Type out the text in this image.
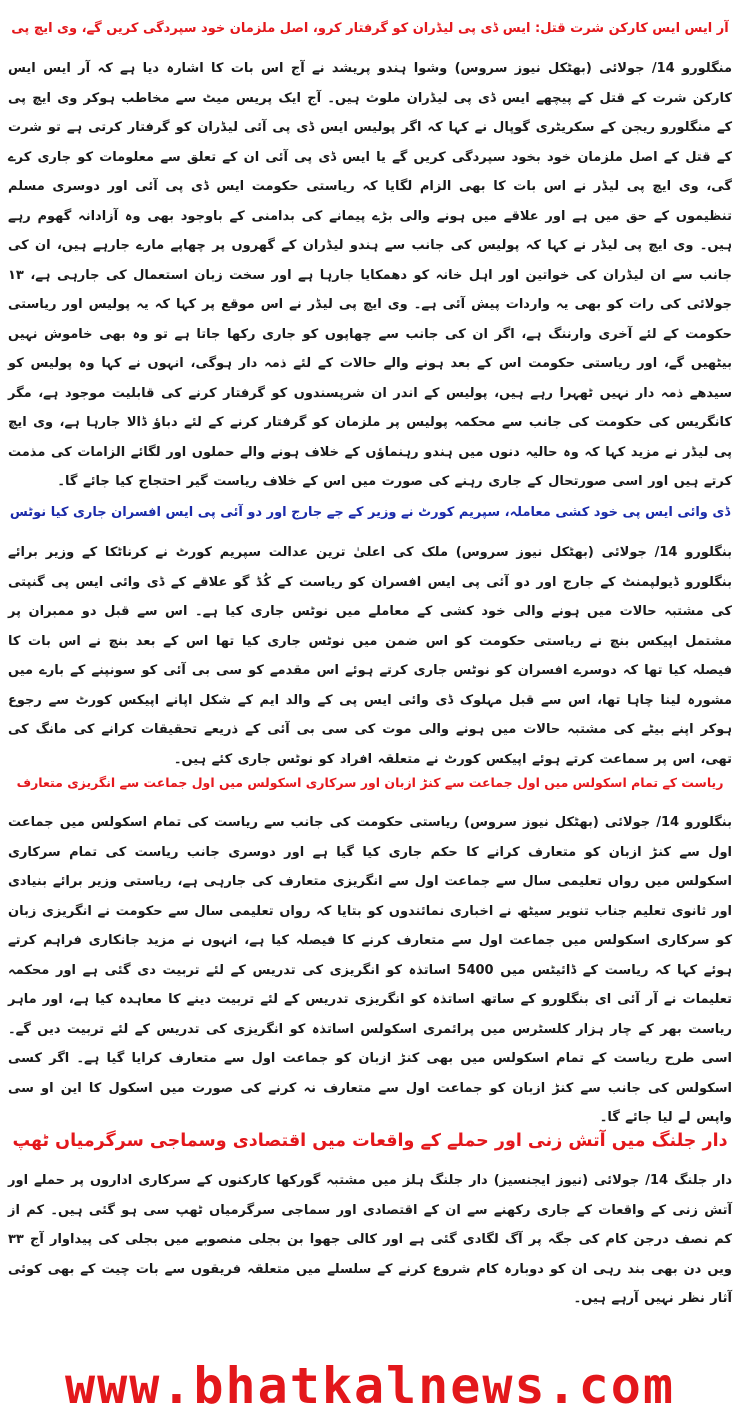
آر ایس ایس کارکن شرت قتل: ایس ڈی پی لیڈران کو گرفتار کرو، اصل ملزمان خود سپردگی کریں گے، وی ایچ پی

منگلورو 14/ جولائی (بھٹکل نیوز سروس) وشوا ہندو پریشد نے آج اس بات کا اشارہ دیا ہے کہ آر ایس ایس کارکن شرت کے قتل کے پیچھے ایس ڈی پی لیڈران ملوث ہیں۔ آج ایک پریس میٹ سے مخاطب ہوکر وی ایچ پی کے منگلورو ریجن کے سکریٹری گوپال نے کہا کہ اگر پولیس ایس ڈی پی آئی لیڈران کو گرفتار کرتی ہے تو شرت کے قتل کے اصل ملزمان خود بخود سپردگی کریں گے یا ایس ڈی پی آئی ان کے تعلق سے معلومات کو جاری کرے گی، وی ایچ پی لیڈر نے اس بات کا بھی الزام لگایا کہ ریاستی حکومت ایس ڈی پی آئی اور دوسری مسلم تنظیموں کے حق میں ہے اور علاقے میں ہونے والی بڑے پیمانے کی بدامنی کے باوجود بھی وہ آزادانہ گھوم رہے ہیں۔ وی ایچ پی لیڈر نے کہا کہ پولیس کی جانب سے ہندو لیڈران کے گھروں پر چھاپے مارے جارہے ہیں، ان کی جانب سے ان لیڈران کی خواتین اور اہل خانہ کو دھمکایا جارہا ہے اور سخت زبان استعمال کی جارہی ہے، ۱۳ جولائی کی رات کو بھی یہ واردات پیش آئی ہے۔ وی ایچ پی لیڈر نے اس موقع پر کہا کہ یہ پولیس اور ریاستی حکومت کے لئے آخری وارننگ ہے، اگر ان کی جانب سے چھاپوں کو جاری رکھا جاتا ہے تو وہ بھی خاموش نہیں بیٹھیں گے، اور ریاستی حکومت اس کے بعد ہونے والے حالات کے لئے ذمہ دار ہوگی، انہوں نے کہا وہ پولیس کو سیدھے ذمہ دار نہیں ٹھہرا رہے ہیں، پولیس کے اندر ان شرپسندوں کو گرفتار کرنے کی قابلیت موجود ہے، مگر کانگریس کی حکومت کی جانب سے محکمہ پولیس پر ملزمان کو گرفتار کرنے کے لئے دباؤ ڈالا جارہا ہے، وی ایچ پی لیڈر نے مزید کہا کہ وہ حالیہ دنوں میں ہندو رہنماؤں کے خلاف ہونے والے حملوں اور لگائے الزامات کی مذمت کرتے ہیں اور اسی صورتحال کے جاری رہنے کی صورت میں اس کے خلاف ریاست گیر احتجاج کیا جائے گا۔

ڈی وائی ایس پی خود کشی معاملہ، سپریم کورٹ نے وزیر کے جے جارج اور دو آئی پی ایس افسران جاری کیا نوٹس

بنگلورو 14/ جولائی (بھٹکل نیوز سروس) ملک کی اعلیٰ ترین عدالت سپریم کورٹ نے کرناٹکا کے وزیر برائے بنگلورو ڈیولپمنٹ کے جارج اور دو آئی پی ایس افسران کو ریاست کے کُڈ گو علاقے کے ڈی وائی ایس پی گنپتی کی مشتبہ حالات میں ہونے والی خود کشی کے معاملے میں نوٹس جاری کیا ہے۔ اس سے قبل دو ممبران پر مشتمل اپیکس بنچ نے ریاستی حکومت کو اس ضمن میں نوٹس جاری کیا تھا اس کے بعد بنچ نے اس بات کا فیصلہ کیا تھا کہ دوسرے افسران کو نوٹس جاری کرتے ہوئے اس مقدمے کو سی بی آئی کو سونپنے کے بارے میں مشورہ لینا چاہا تھا، اس سے قبل مہلوک ڈی وائی ایس پی کے والد ایم کے شکل اپانے اپیکس کورٹ سے رجوع ہوکر اپنے بیٹے کی مشتبہ حالات میں ہونے والی موت کی سی بی آئی کے ذریعے تحقیقات کرانے کی مانگ کی تھی، اس پر سماعت کرتے ہوئے اپیکس کورٹ نے متعلقہ افراد کو نوٹس جاری کئے ہیں۔

ریاست کے تمام اسکولس میں اول جماعت سے کنڑ ازبان اور سرکاری اسکولس میں اول جماعت سے انگریزی متعارف

بنگلورو 14/ جولائی (بھٹکل نیوز سروس) ریاستی حکومت کی جانب سے ریاست کی تمام اسکولس میں جماعت اول سے کنڑ ازبان کو متعارف کرانے کا حکم جاری کیا گیا ہے اور دوسری جانب ریاست کی تمام سرکاری اسکولس میں رواں تعلیمی سال سے جماعت اول سے انگریزی متعارف کی جارہی ہے، ریاستی وزیر برائے بنیادی اور ثانوی تعلیم جناب تنویر سیٹھ نے اخباری نمائندوں کو بتایا کہ رواں تعلیمی سال سے حکومت نے انگریزی زبان کو سرکاری اسکولس میں جماعت اول سے متعارف کرنے کا فیصلہ کیا ہے، انہوں نے مزید جانکاری فراہم کرتے ہوئے کہا کہ ریاست کے ڈائیٹس میں 5400 اساتذہ کو انگریزی کی تدریس کے لئے تربیت دی گئی ہے اور محکمہ تعلیمات نے آر آئی ای بنگلورو کے ساتھ اساتذہ کو انگریزی تدریس کے لئے تربیت دینے کا معاہدہ کیا ہے، اور ماہر ریاست بھر کے چار ہزار کلسٹرس میں پرائمری اسکولس اساتذہ کو انگریزی کی تدریس کے لئے تربیت دیں گے۔ اسی طرح ریاست کے تمام اسکولس میں بھی کنڑ ازبان کو جماعت اول سے متعارف کرایا گیا ہے۔ اگر کسی اسکولس کی جانب سے کنڑ ازبان کو جماعت اول سے متعارف نہ کرنے کی صورت میں اسکول کا این او سی واپس لے لیا جائے گا۔

دار جلنگ میں آتش زنی اور حملے کے واقعات میں اقتصادی وسماجی سرگرمیاں ٹھپ

دار جلنگ 14/ جولائی (نیوز ایجنسیز) دار جلنگ ہلز میں مشتبہ گورکھا کارکنوں کے سرکاری اداروں پر حملے اور آتش زنی کے واقعات کے جاری رکھنے سے ان کے اقتصادی اور سماجی سرگرمیاں ٹھپ سی ہو گئی ہیں۔ کم از کم نصف درجن کام کی جگہ پر آگ لگادی گئی ہے اور کالی جھوا بن بجلی منصوبے میں بجلی کی پیداوار آج ۳۳ ویں دن بھی بند رہی ان کو دوبارہ کام شروع کرنے کے سلسلے میں متعلقہ فریقوں سے بات چیت کے بھی کوئی آثار نظر نہیں آرہے ہیں۔

www.bhatkalnews.com
